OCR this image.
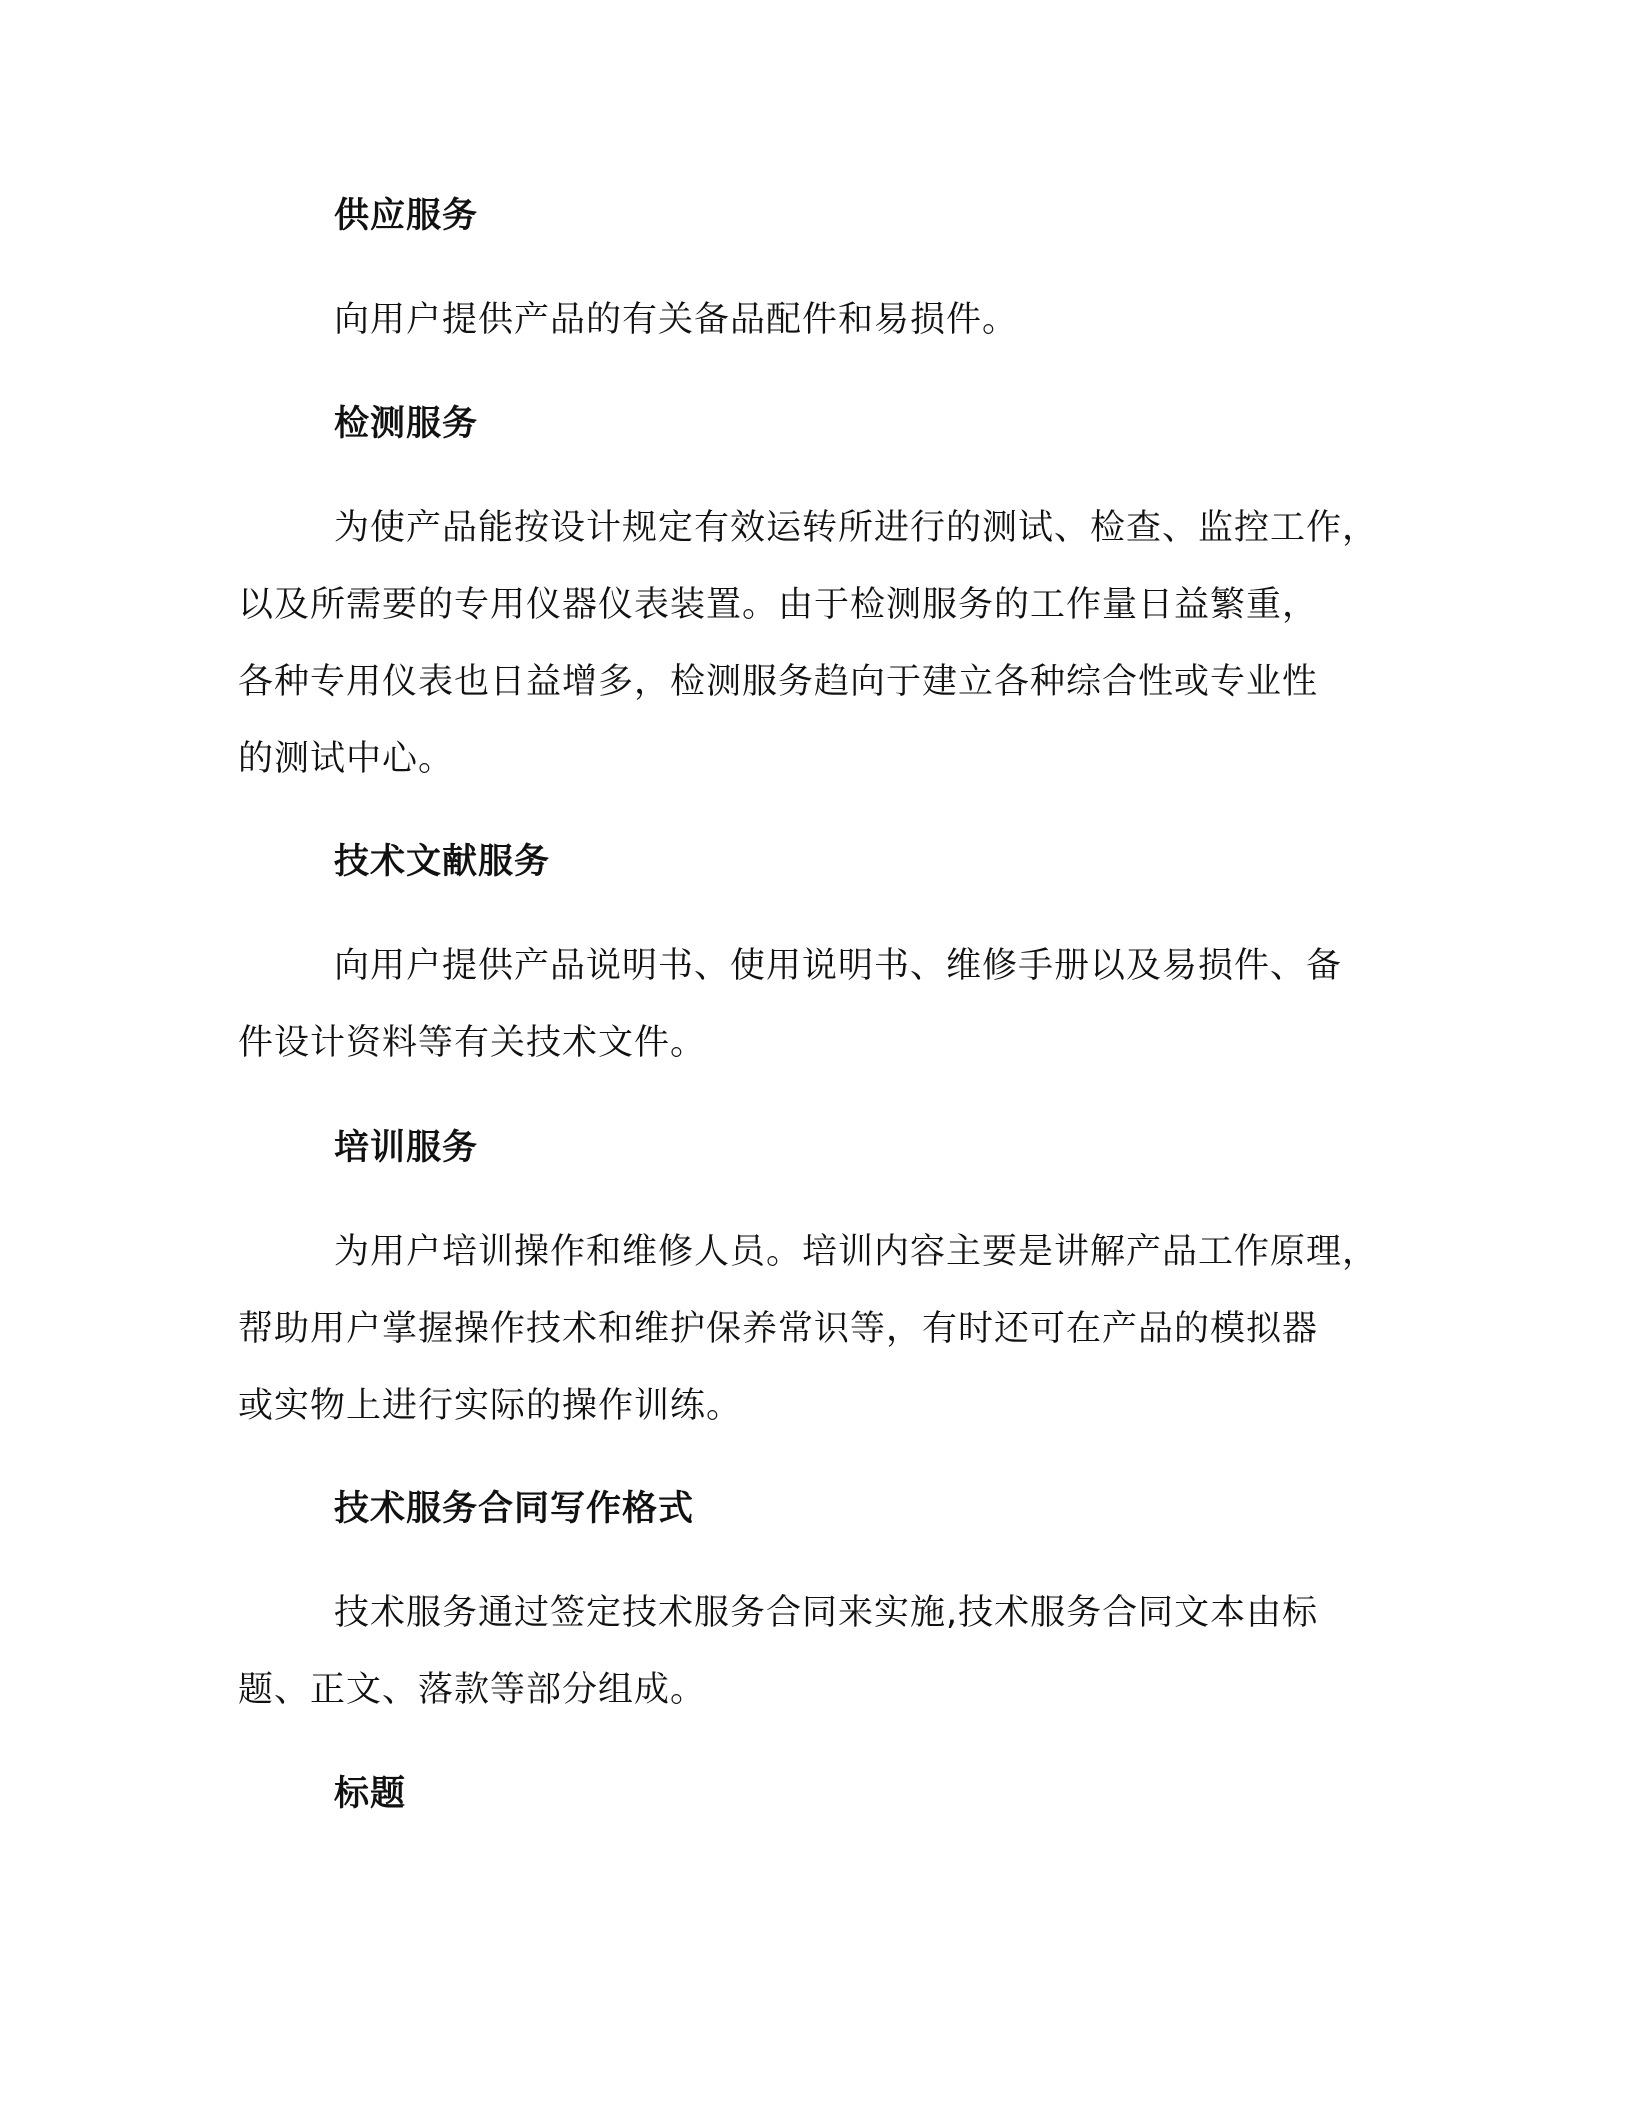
供应服务

向用户提供产品的有关备品配件和易损件。

检测服务

为使产品能按设计规定有效运转所进行的测试、检查、监控工作，
以及所需要的专用仪器仪表装置。由于检测服务的工作量日益繁重，
各种专用仪表也日益增多，检测服务趋向于建立各种综合性或专业性
的测试中心。

技术文献服务

向用户提供产品说明书、使用说明书、维修手册以及易损件、备
件设计资料等有关技术文件。

培训服务

为用户培训操作和维修人员。培训内容主要是讲解产品工作原理，
帮助用户掌握操作技术和维护保养常识等，有时还可在产品的模拟器
或实物上进行实际的操作训练。

技术服务合同写作格式

技术服务通过签定技术服务合同来实施,技术服务合同文本由标
题、正文、落款等部分组成。

标题
